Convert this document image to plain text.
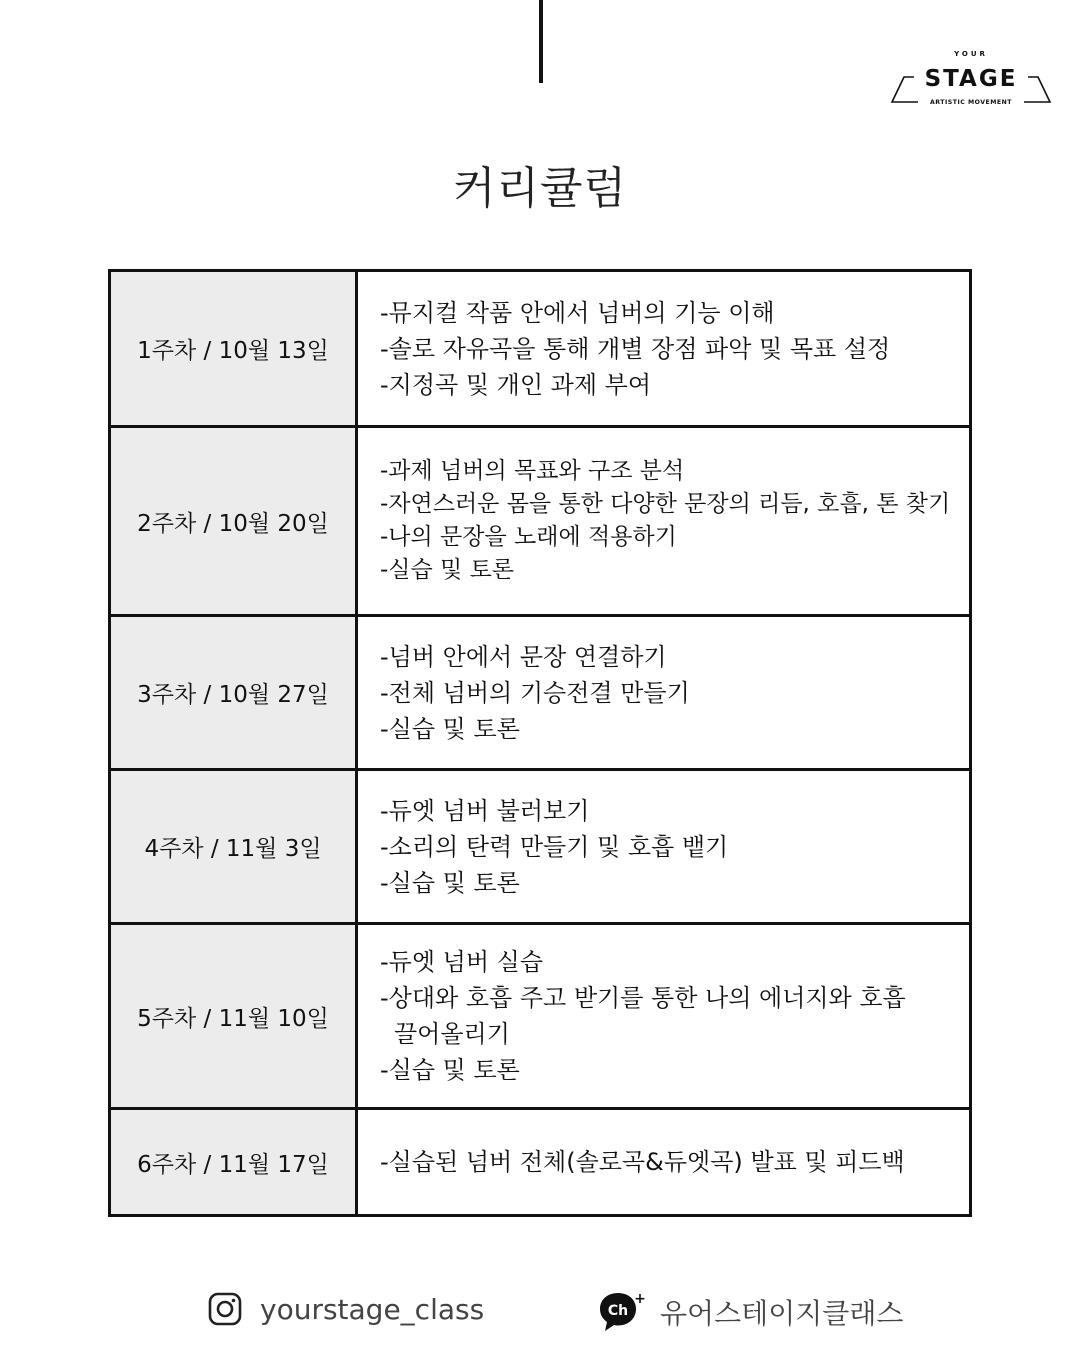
YOUR
STAGE
ARTISTIC MOVEMENT
커리큘럼
1주차 / 10월 13일	-뮤지컬 작품 안에서 넘버의 기능 이해
-솔로 자유곡을 통해 개별 장점 파악 및 목표 설정
-지정곡 및 개인 과제 부여

2주차 / 10월 20일	-과제 넘버의 목표와 구조 분석
-자연스러운 몸을 통한 다양한 문장의 리듬, 호흡, 톤 찾기
-나의 문장을 노래에 적용하기
-실습 및 토론

3주차 / 10월 27일	-넘버 안에서 문장 연결하기
-전체 넘버의 기승전결 만들기
-실습 및 토론

4주차 / 11월 3일	-듀엣 넘버 불러보기
-소리의 탄력 만들기 및 호흡 뱉기
-실습 및 토론

5주차 / 11월 10일	-듀엣 넘버 실습
-상대와 호흡 주고 받기를 통한 나의 에너지와 호흡
끌어올리기
-실습 및 토론

6주차 / 11월 17일	-실습된 넘버 전체(솔로곡&듀엣곡) 발표 및 피드백
yourstage_class	Ch
+ 유어스테이지클래스
